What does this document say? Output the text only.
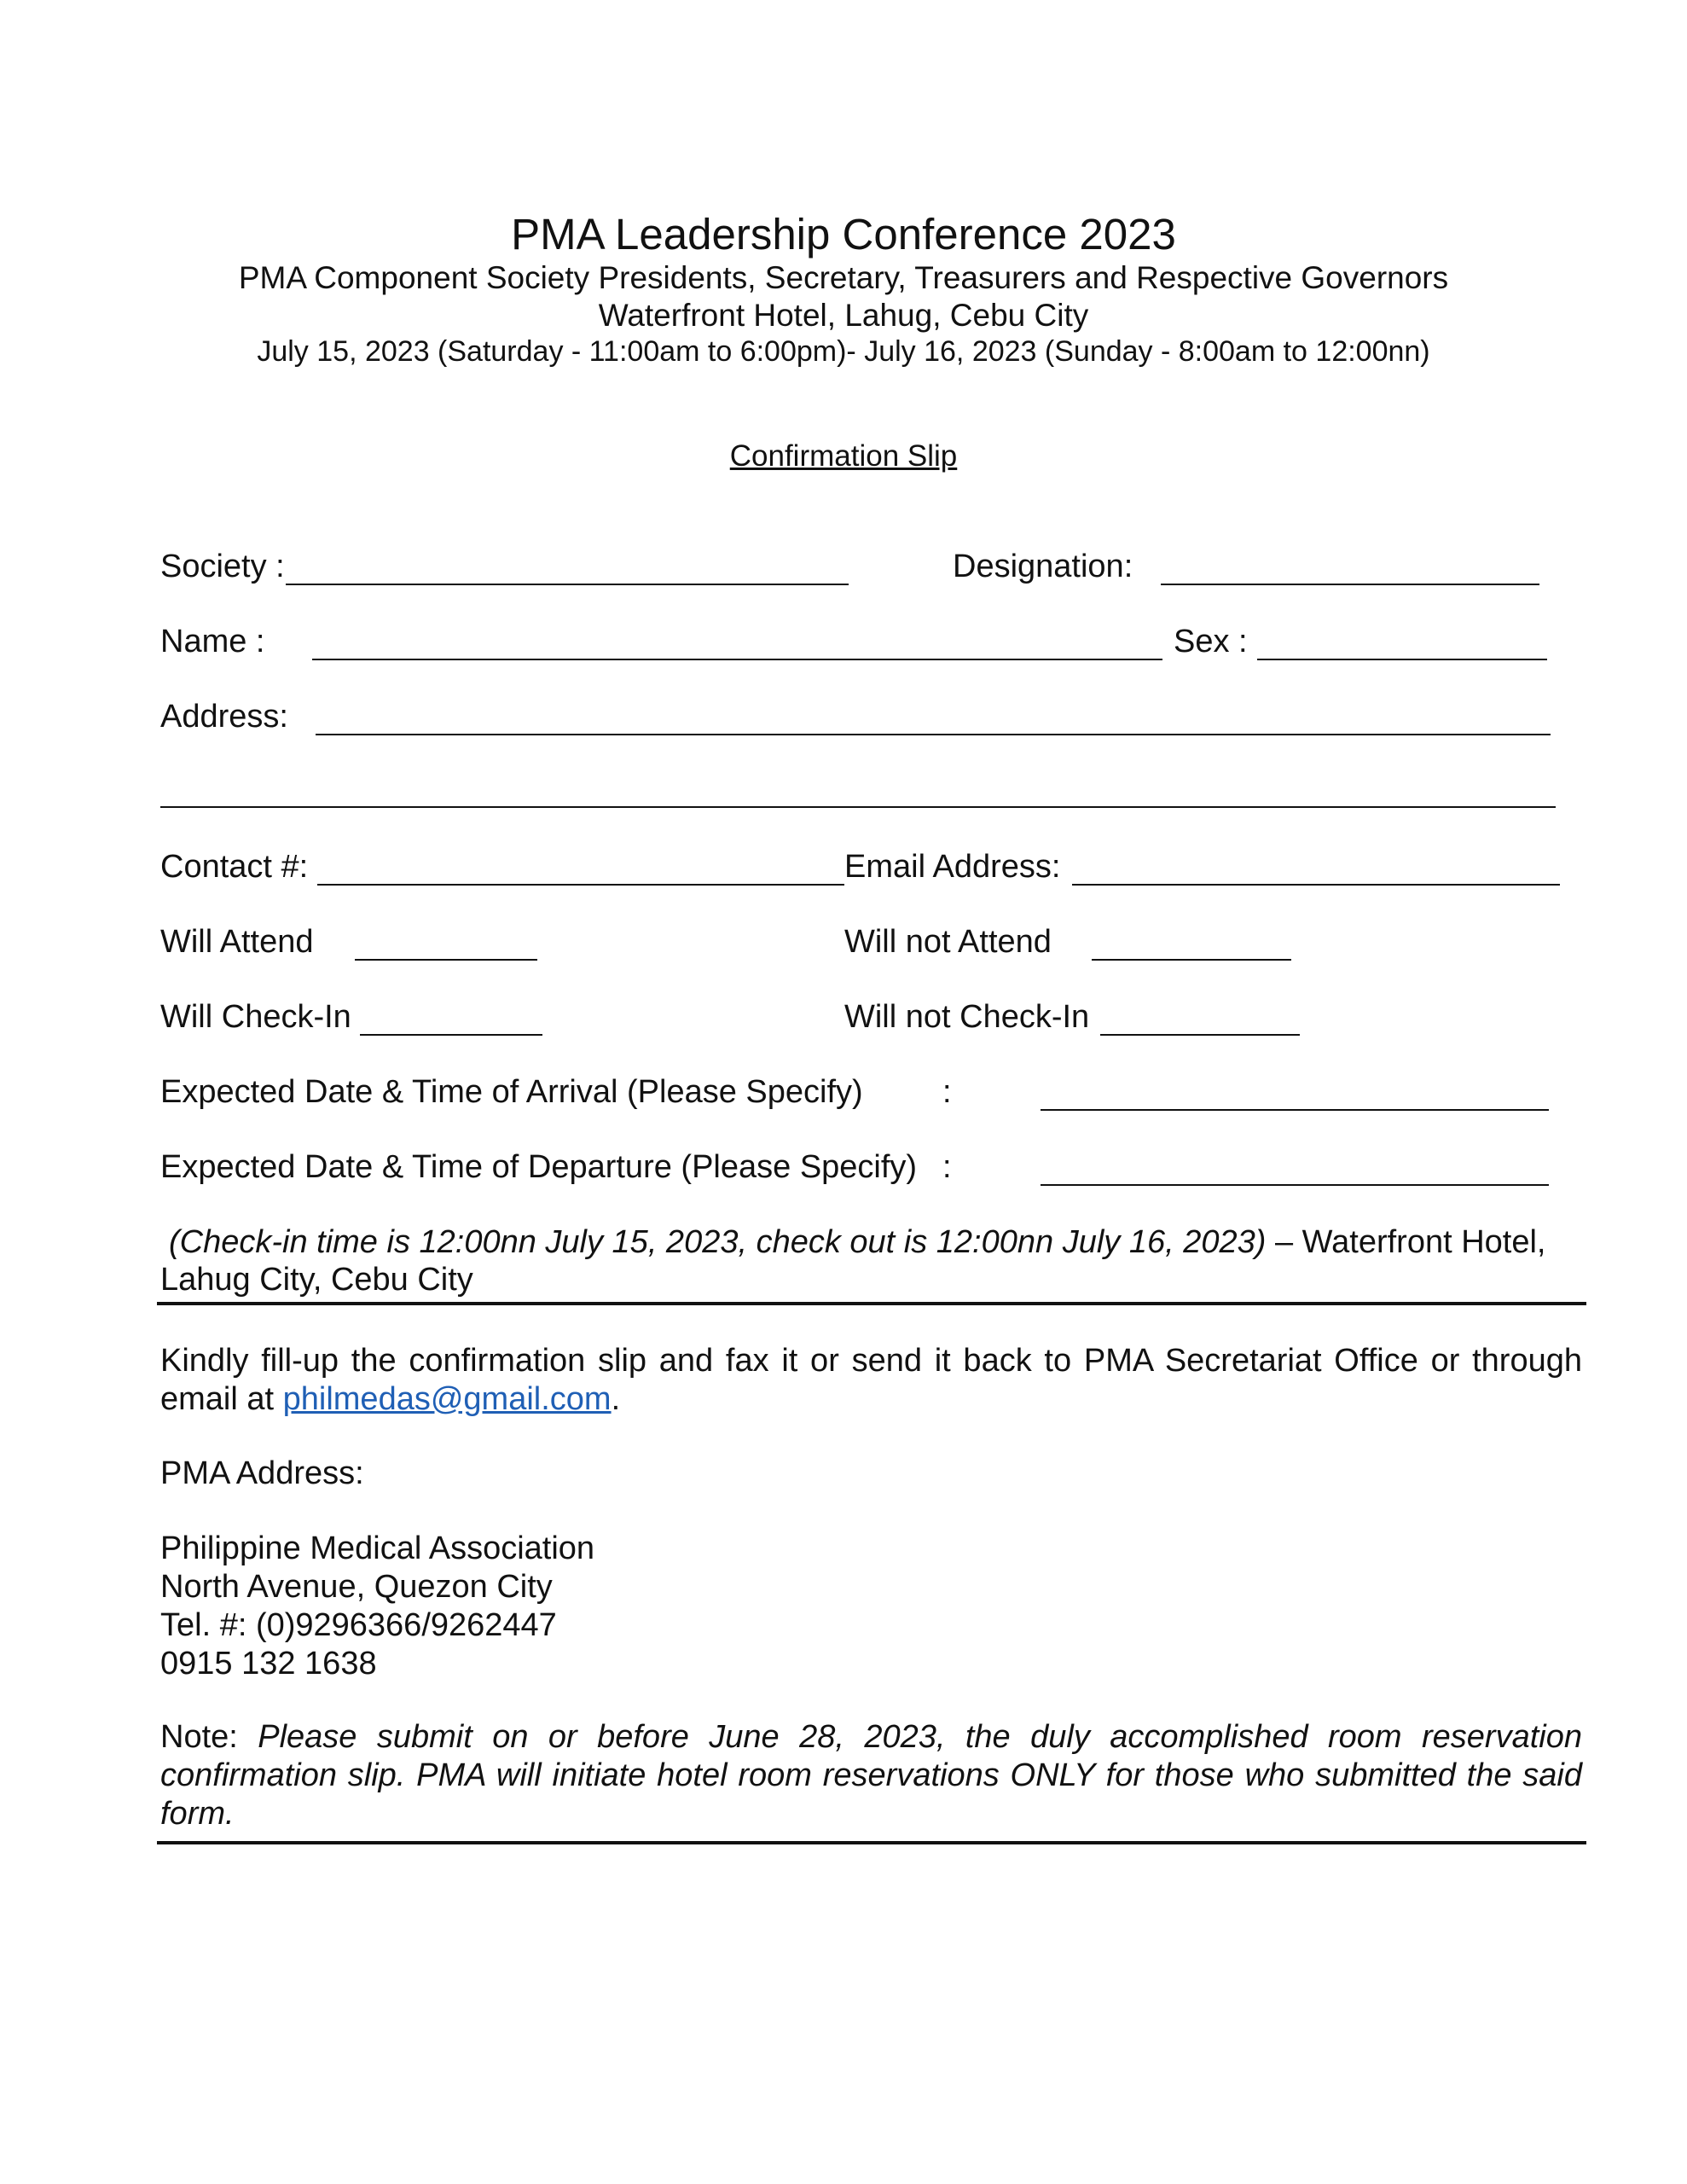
PMA Leadership Conference 2023
PMA Component Society Presidents, Secretary, Treasurers and Respective Governors
Waterfront Hotel, Lahug, Cebu City
July 15, 2023 (Saturday - 11:00am to 6:00pm)- July 16, 2023 (Sunday - 8:00am to 12:00nn)
Confirmation Slip
Society :	Designation:
Name :	Sex :
Address:
Contact #:	Email Address:
Will Attend	Will not Attend
Will Check-In	Will not Check-In
Expected Date & Time of Arrival (Please Specify) :
Expected Date & Time of Departure (Please Specify) :
(Check-in time is 12:00nn July 15, 2023, check out is 12:00nn July 16, 2023) – Waterfront Hotel,
Lahug City, Cebu City
Kindly fill-up the confirmation slip and fax it or send it back to PMA Secretariat Office or through email at philmedas@gmail.com.
PMA Address:
Philippine Medical Association
North Avenue, Quezon City
Tel. #: (0)9296366/9262447
0915 132 1638
Note: Please submit on or before June 28, 2023, the duly accomplished room reservation confirmation slip. PMA will initiate hotel room reservations ONLY for those who submitted the said form.
